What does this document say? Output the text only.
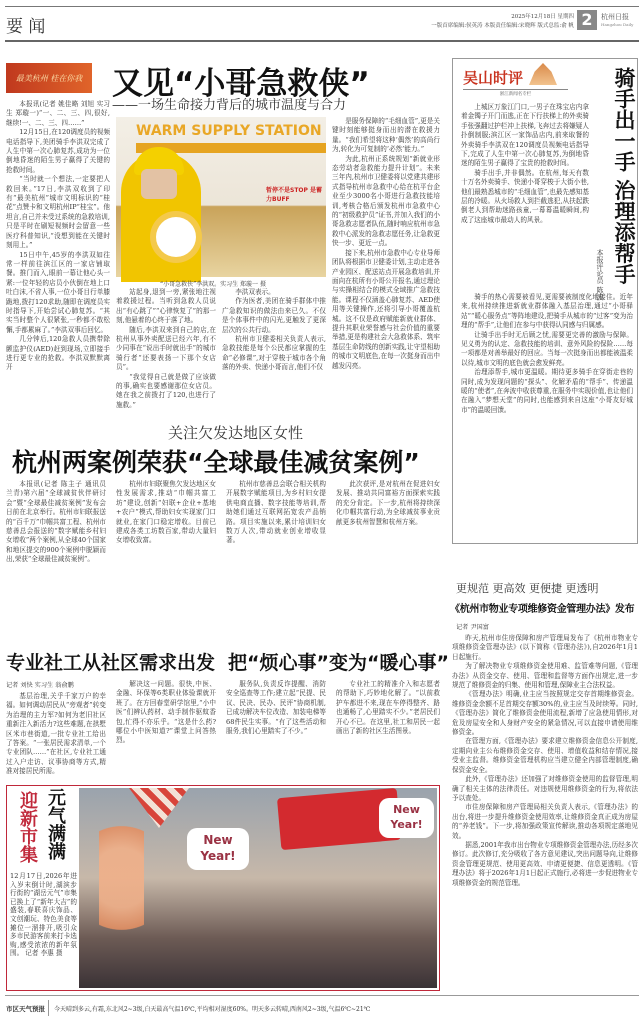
要 闻	2025年12月18日 星期四
一版首席编辑:侯英涛 本版责任编辑:宋晓辉 版式总监:俞 帆 2	杭州日报
Hangzhou Daily
最美杭州 桂在你我 又见“小哥急救侠”
——一场生命接力背后的城市温度与合力

本报讯(记者 姚佳略 刘旭 实习生 郑璇一)“一、二、三、四,很好,继续!一、二、三、四……”

12月15日,在120调度员的视频电话指导下,美团骑手李洪双完成了人生中第一次心肺复苏,成功为一位倒地昏迷的陌生男子赢得了关键的抢救时间。

“当时就一个想法,一定要把人救回来。”17日,李洪双收到了印有“最美杭州”城市文明标识的“桂花”点赞卡和文明杭州IP“桂宝”。他坦言,自己并未受过系统的急救培训,只是平时在刷短视频时会留意一些医疗科普知识,“没想到能在关键时刻用上。”

15日中午,45岁的李洪双如往常一样前往滨江区的一家店铺取餐。推门而入,眼前一幕让他心头一紧:一位年轻的店员小伙倒在地上口吐白沫,不省人事,一位小哥目行单膝跪地,拨打120求助,随即在调度员实时指导下,开始尝试心肺复苏。“其实当时整个人很紧张,一秒都不敢松懈,手都累麻了。”李洪双事后回忆。

几分钟后,120急救人员携带除颤监护仪(AED)赶到现场,立即接手进行更专业的抢救。李洪双默默离开

WARM SUPPLY STATION
暂停不是STOP 是蓄力BUFF
“小哥急救侠”李洪双。实习生 郑璇一 摄

站起身,退到一旁,紧张地注视着救援过程。当听到急救人员说出“有心跳了”“心律恢复了”的那一刻,他悬着的心终于落了地。

随后,李洪双来到自己的店,在杭州从事外卖配送已经六年,有不少同事在“说出手时就出手”的城市骑行者“还要表扬一下那个女店员”。

“我觉得自己就是做了应该做的事,确实也要感谢那位女店员。她在我之前拨打了120,也进行了施救。”

李洪双表示。

作为医者,美团在骑手群体中推广急救知识的做法由来已久。不仅是个体事件中的闪光,更触发了更深层次的公共行动。

杭州市卫健委相关负责人表示,急救技能是每个公民都应掌握的生命“必修课”,对于穿梭于城市各个角落的外卖、快递小哥而言,他们不仅

是服务保障的“毛细血管”,更是关键时刻能够挺身而出的潜在救援力量。“我们希望将这种‘偶然’的高尚行为,转化为可复制的‘必然’能力。”

为此,杭州正系统规划“新就业形态劳动者急救能力提升计划”。未来三年内,杭州市卫健委将以党建共建形式指导杭州市急救中心给在杭平台企业至少3000名小哥进行急救技能培训,考核合格后颁发杭州市急救中心的“初级救护员”证书,并加入我们的小哥急救志愿者队伍,随时响应杭州市急救中心派发的急救志愿任务,让急救更快一步、更近一点。

接下来,杭州市急救中心专业导师团队将根据市卫健委计划,主动走进各产业园区、配送站点开展急救培训,并面向在杭所有小哥公开报名,通过理论与实操相结合的模式全域推广急救技能。课程不仅涵盖心肺复苏、AED使用等关键操作,还将引导小哥覆盖杭城。这不仅是政府赋能新就业群体、提升其职业荣誉感与社会价值的重要举措,更是构建社会大急救体系、筑牢基层生命防线的创新实践,让守望相助的城市文明底色,在每一次挺身而出中越发闪亮。

吴山时评
浙江新闻名专栏	骑手出一手 治理添帮手
本报评论员 陈波

上城区万象江门口,一男子在珠宝店内拿着金镯子开门而逃,正在下行扶梯上的外卖骑手张强翻过护栏冲上扶梯,飞奔过去将嫌疑人扑倒制服;滨江区一家饰品店内,前来取餐的外卖骑手李洪双在120调度员视频电话指导下,完成了人生中第一次心肺复苏,为倒地昏迷的陌生男子赢得了宝贵的抢救时间。

骑手出手,并非偶然。在杭州,每天有数十万名外卖骑手、快递小哥穿梭于大街小巷,他们最熟悉城市的“毛细血管”,也最先感知基层的冷暖。从火场救人到拦截逃犯,从扶起跌倒老人到帮助迷路孩童,一幕幕温暖瞬间,构成了这座城市最动人的风景。

骑手的热心需要被看见,更需要被制度化地接住。近年来,杭州持续推进新就业群体融入基层治理,通过“小哥驿站”“暖心服务点”等阵地建设,把骑手从城市的“过客”变为治理的“帮手”,让他们在参与中获得认同感与归属感。

让骑手出手时无后顾之忧,需要更完善的激励与保障。见义勇为的认定、急救技能的培训、意外风险的保险……每一项都是对善举最好的回应。当每一次挺身而出都能被温柔以待,城市文明的底色就会愈发鲜亮。

治理添帮手,城市更温暖。期待更多骑手在穿街走巷的同时,成为发现问题的“探头”、化解矛盾的“帮手”、传递温暖的“使者”,在奔波中收获尊重,在服务中实现价值,也让他们在融入“梦想天堂”的同时,也能感到来自这座“小哥友好城市”的温暖回馈。

关注欠发达地区女性
杭州两案例荣获“全球最佳减贫案例”

本报讯(记者 陈主子 通讯员 兰青)第六届“全球减贫伙伴研讨会”暨“全球最佳减贫案例”发布会日前在北京举行。杭州市妇联报送的“百千万”巾帼共富工程、杭州市慈善总会报送的“数字赋能乡村妇女增收”两个案例,从全球40个国家和地区提交的900个案例中脱颖而出,荣获“全球最佳减贫案例”。

杭州市妇联聚焦欠发达地区女性发展需求,推动“巾帼共富工坊”建设,创新“妇联+企业+基地+农户”模式,帮助妇女实现家门口就业,在家门口稳定增收。目前已建成各类工坊数百家,带动大量妇女增收致富。

杭州市慈善总会联合相关机构开展数字赋能项目,为乡村妇女提供电商直播、数字技能等培训,帮助她们通过互联网拓宽农产品销路。项目实施以来,累计培训妇女数万人次,带动就业创业增收显著。

此次获评,是对杭州在促进妇女发展、推动共同富裕方面探索实践的充分肯定。下一步,杭州将持续深化巾帼共富行动,为全球减贫事业贡献更多杭州智慧和杭州方案。

专业社工从社区需求出发 把“烦心事”变为“暖心事”
记者 刘快 实习生 翁俞鹏

基层治理,关乎千家万户的幸福。如何调动居民从“旁观者”转变为治理的主力军?如何为老旧社区重新注入新活力?这些难题,在拱墅区米市巷街道,一批专业社工给出了答案。“一张居民需求清单,一个专业团队……”在社区,专业社工通过入户走访、议事协商等方式,精准对接居民所需。

解决这一问题。很快,中医、金融、环保等6类职业体验课就开班了。在方回春堂研学馆里,“小中医”们辨认药材、动手制作驱蚊香包,忙得不亦乐乎。“这是什么药?哪位小中医知道?”课堂上问答热烈。

服务队,负责反诈提醒、消防安全巡查等工作;建立起“民提、民议、民决、民办、民评”协商机制,已成功解决车位改造、加装电梯等68件民生实事。“有了这些活动和服务,我们心里踏实了不少。”

专业社工的精准介入和志愿者的帮助下,巧妙地化解了。“以前救护车都进不来,现在车停得整齐、路也通畅了,心里踏实不少。”老居民们开心不已。在这里,社工和居民一起画出了新的社区生活图景。

迎新市集 元气满满
12月17日,2026年进入岁末倒计时,湖滨步行街的“湖岳元气”市集已换上了“新年大吉”的盛装,春联喜庆饰品、文创潮玩、特色美食等摊位一溜排开,吸引众多市民游客前来打卡选购,感受浓浓的新年氛围。 记者 李惠 摄
New Year!
New Year!
更规范 更高效 更便捷 更透明
《杭州市物业专项维修资金管理办法》发布
记者 尹国富

昨天,杭州市住房保障和房产管理局发布了《杭州市物业专项维修资金管理办法》(以下简称《管理办法》),自2026年1月1日起施行。

为了解决物业专项维修资金使用难、监管难等问题,《管理办法》从资金交存、使用、管理和监督等方面作出规定,进一步规范了维修资金的归集、使用和管理,保障业主合法权益。

《管理办法》明确,业主应当按照规定交存首期维修资金。维修资金余额不足首期交存额30%的,业主应当及时续筹。同时,《管理办法》简化了维修资金使用流程,新增了应急使用情形,对危及房屋安全和人身财产安全的紧急情况,可以直接申请使用维修资金。

在管理方面,《管理办法》要求建立维修资金信息公开制度,定期向业主公布维修资金交存、使用、增值收益和结存情况,接受业主监督。维修资金管理机构应当建立健全内部管理制度,确保资金安全。

此外,《管理办法》还加强了对维修资金使用的监督管理,明确了相关主体的法律责任。对违规使用维修资金的行为,将依法予以查处。

市住房保障和房产管理局相关负责人表示,《管理办法》的出台,将进一步提升维修资金使用效率,让维修资金真正成为房屋的“养老钱”。下一步,将加强政策宣传解读,推动各项规定落地见效。

据悉,2001年我市出台物业专项维修资金管理办法,历经多次修订。此次修订,充分吸收了各方意见建议,突出问题导向,让维修资金管理更规范、使用更高效、申请更便捷、信息更透明。《管理办法》将于2026年1月1日起正式施行,必将进一步促进物业专项维修资金的规范管理。

市区天气预报 今天晴到多云,有霜,东北风2~3级,白天最高气温16℃,平均相对湿度60%。明天多云转晴,西南风2~3级,气温6℃~21℃
